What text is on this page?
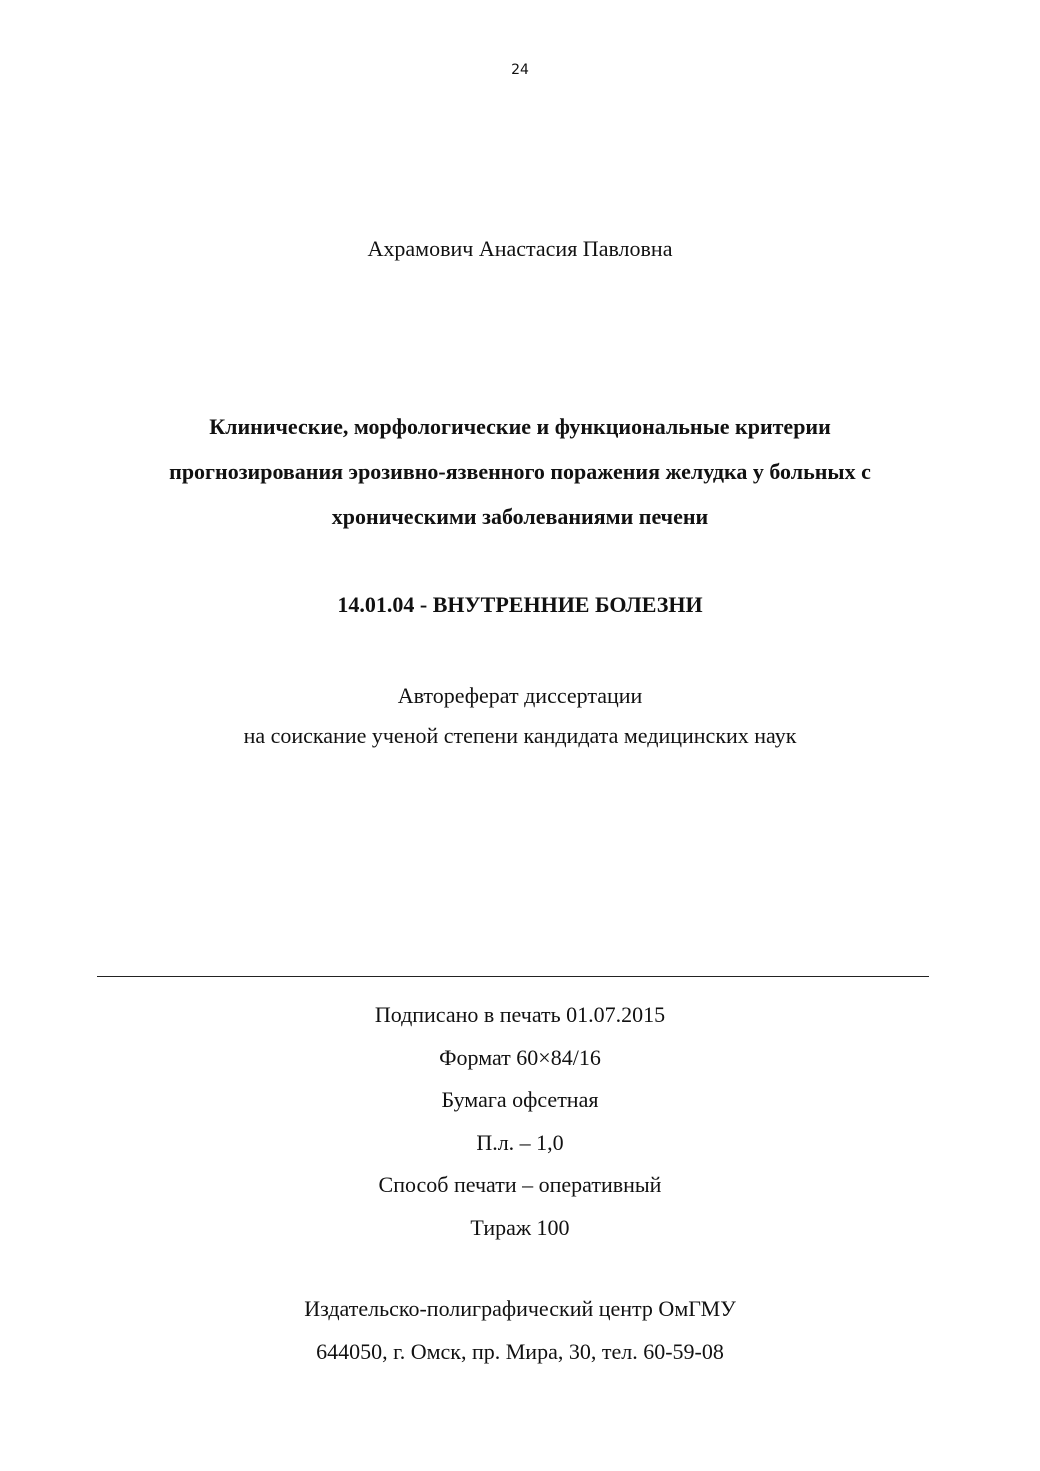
24
Ахрамович Анастасия Павловна
Клинические, морфологические и функциональные критерии
прогнозирования эрозивно-язвенного поражения желудка у больных с
хроническими заболеваниями печени
14.01.04 - ВНУТРЕННИЕ БОЛЕЗНИ
Автореферат диссертации
на соискание ученой степени кандидата медицинских наук
Подписано в печать 01.07.2015
Формат 60×84/16
Бумага офсетная
П.л. – 1,0
Способ печати – оперативный
Тираж 100
Издательско-полиграфический центр ОмГМУ
644050, г. Омск, пр. Мира, 30, тел. 60-59-08
